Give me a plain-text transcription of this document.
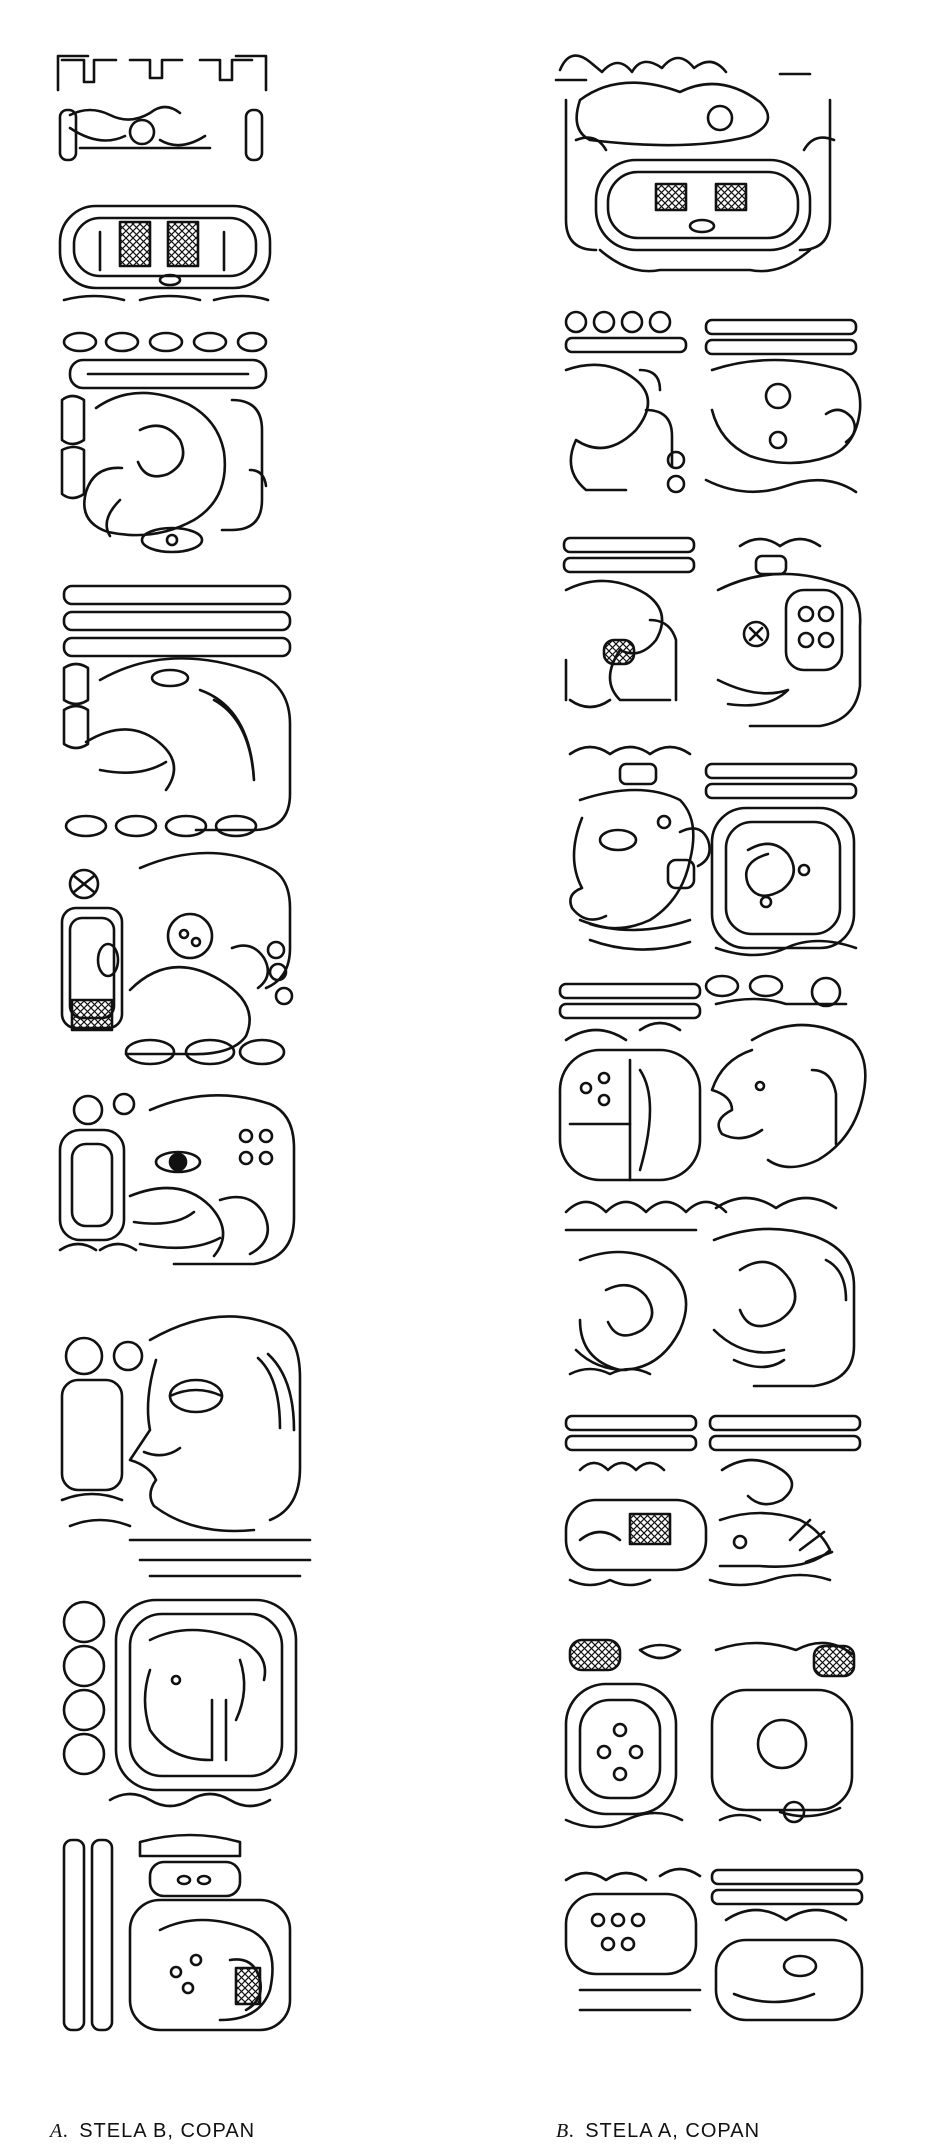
A. STELA B, COPAN	B. STELA A, COPAN
